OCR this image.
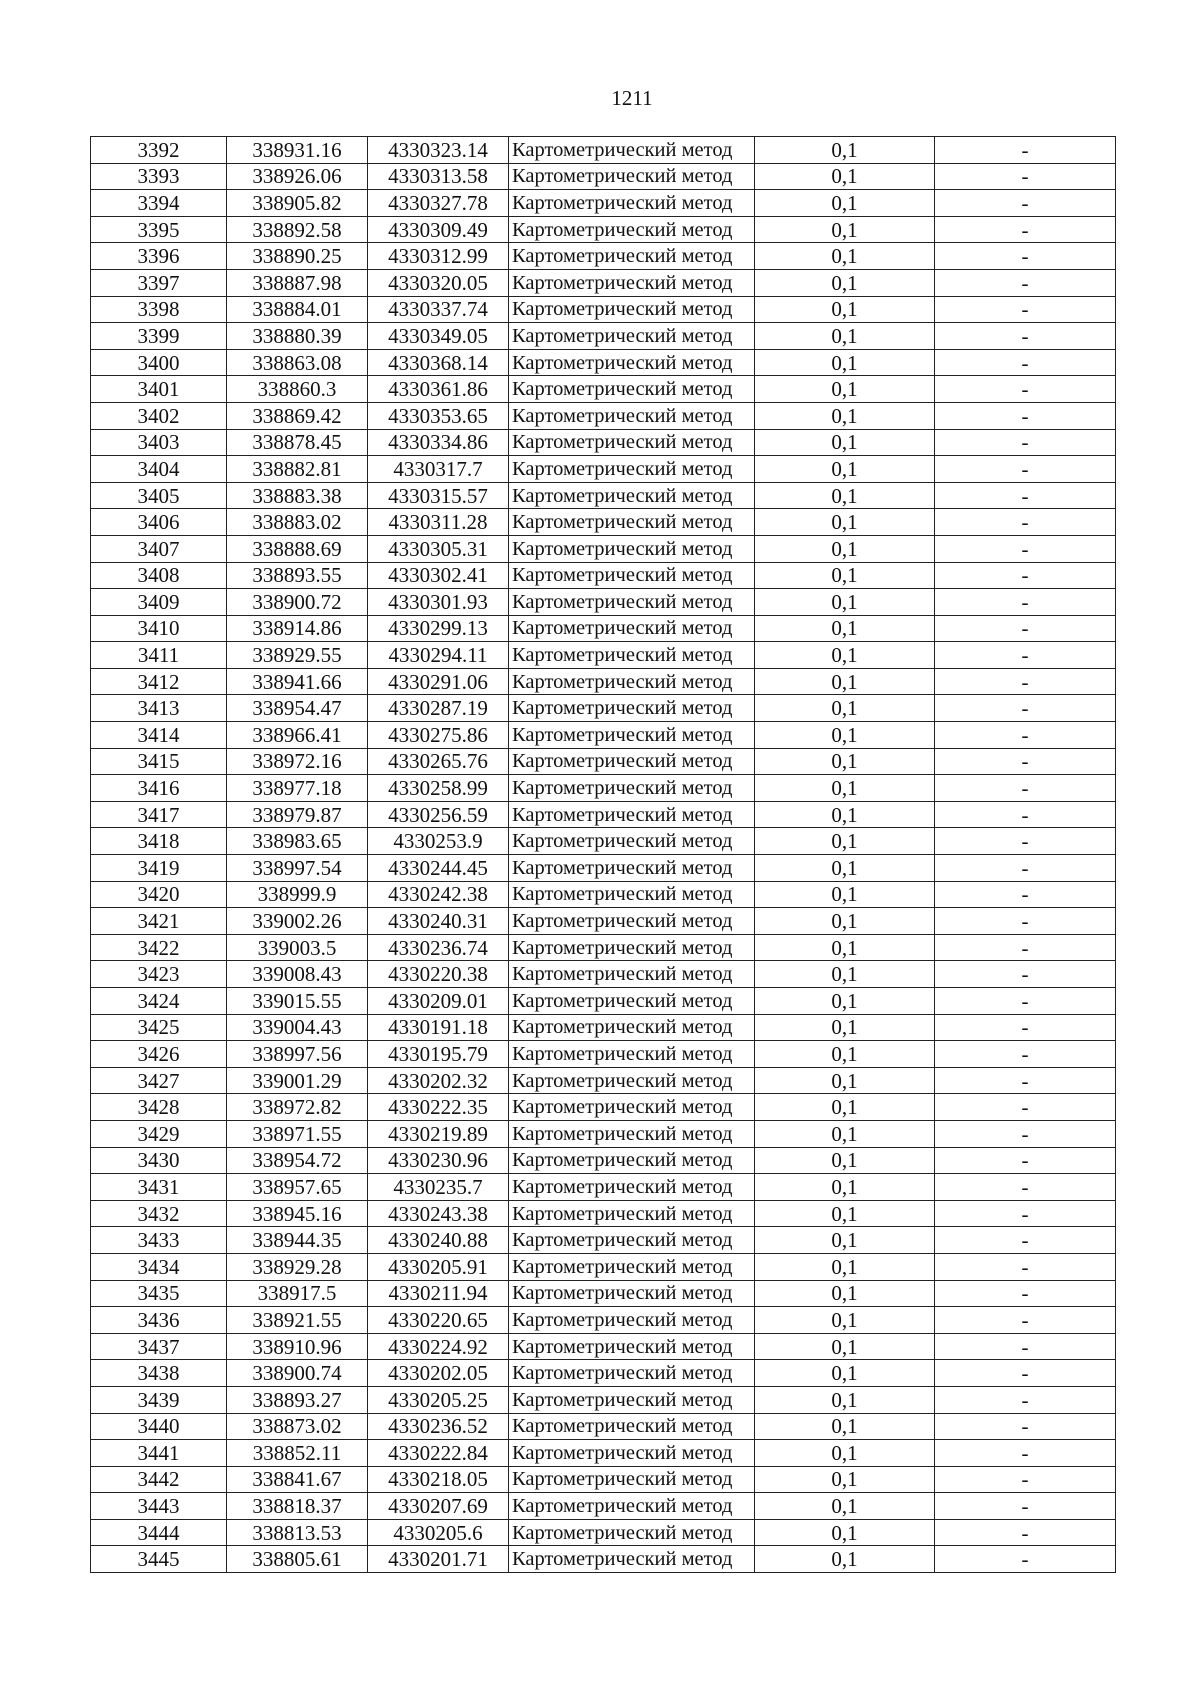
1211
3392	338931.16	4330323.14	Картометрический метод	0,1	-
3393	338926.06	4330313.58	Картометрический метод	0,1	-
3394	338905.82	4330327.78	Картометрический метод	0,1	-
3395	338892.58	4330309.49	Картометрический метод	0,1	-
3396	338890.25	4330312.99	Картометрический метод	0,1	-
3397	338887.98	4330320.05	Картометрический метод	0,1	-
3398	338884.01	4330337.74	Картометрический метод	0,1	-
3399	338880.39	4330349.05	Картометрический метод	0,1	-
3400	338863.08	4330368.14	Картометрический метод	0,1	-
3401	338860.3	4330361.86	Картометрический метод	0,1	-
3402	338869.42	4330353.65	Картометрический метод	0,1	-
3403	338878.45	4330334.86	Картометрический метод	0,1	-
3404	338882.81	4330317.7	Картометрический метод	0,1	-
3405	338883.38	4330315.57	Картометрический метод	0,1	-
3406	338883.02	4330311.28	Картометрический метод	0,1	-
3407	338888.69	4330305.31	Картометрический метод	0,1	-
3408	338893.55	4330302.41	Картометрический метод	0,1	-
3409	338900.72	4330301.93	Картометрический метод	0,1	-
3410	338914.86	4330299.13	Картометрический метод	0,1	-
3411	338929.55	4330294.11	Картометрический метод	0,1	-
3412	338941.66	4330291.06	Картометрический метод	0,1	-
3413	338954.47	4330287.19	Картометрический метод	0,1	-
3414	338966.41	4330275.86	Картометрический метод	0,1	-
3415	338972.16	4330265.76	Картометрический метод	0,1	-
3416	338977.18	4330258.99	Картометрический метод	0,1	-
3417	338979.87	4330256.59	Картометрический метод	0,1	-
3418	338983.65	4330253.9	Картометрический метод	0,1	-
3419	338997.54	4330244.45	Картометрический метод	0,1	-
3420	338999.9	4330242.38	Картометрический метод	0,1	-
3421	339002.26	4330240.31	Картометрический метод	0,1	-
3422	339003.5	4330236.74	Картометрический метод	0,1	-
3423	339008.43	4330220.38	Картометрический метод	0,1	-
3424	339015.55	4330209.01	Картометрический метод	0,1	-
3425	339004.43	4330191.18	Картометрический метод	0,1	-
3426	338997.56	4330195.79	Картометрический метод	0,1	-
3427	339001.29	4330202.32	Картометрический метод	0,1	-
3428	338972.82	4330222.35	Картометрический метод	0,1	-
3429	338971.55	4330219.89	Картометрический метод	0,1	-
3430	338954.72	4330230.96	Картометрический метод	0,1	-
3431	338957.65	4330235.7	Картометрический метод	0,1	-
3432	338945.16	4330243.38	Картометрический метод	0,1	-
3433	338944.35	4330240.88	Картометрический метод	0,1	-
3434	338929.28	4330205.91	Картометрический метод	0,1	-
3435	338917.5	4330211.94	Картометрический метод	0,1	-
3436	338921.55	4330220.65	Картометрический метод	0,1	-
3437	338910.96	4330224.92	Картометрический метод	0,1	-
3438	338900.74	4330202.05	Картометрический метод	0,1	-
3439	338893.27	4330205.25	Картометрический метод	0,1	-
3440	338873.02	4330236.52	Картометрический метод	0,1	-
3441	338852.11	4330222.84	Картометрический метод	0,1	-
3442	338841.67	4330218.05	Картометрический метод	0,1	-
3443	338818.37	4330207.69	Картометрический метод	0,1	-
3444	338813.53	4330205.6	Картометрический метод	0,1	-
3445	338805.61	4330201.71	Картометрический метод	0,1	-
